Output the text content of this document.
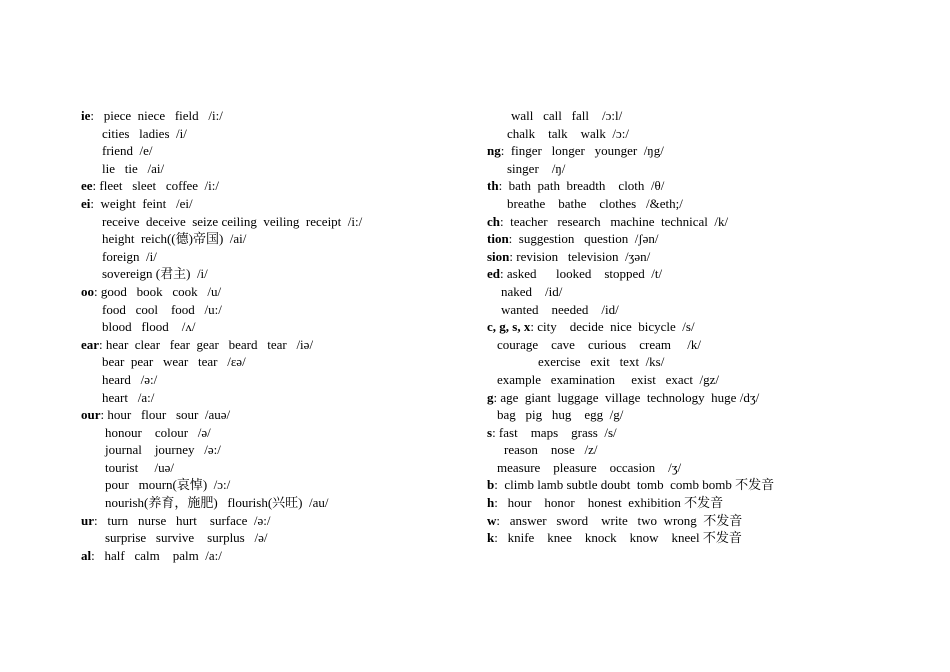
ie:   piece  niece   field   /i:/
cities   ladies  /i/
friend  /e/
lie   tie   /ai/
ee: fleet   sleet   coffee  /i:/
ei:  weight  feint   /ei/
receive  deceive  seize ceiling  veiling  receipt  /i:/
height  reich((德)帝国)  /ai/
foreign  /i/
sovereign (君主)  /i/
oo: good   book   cook   /u/
food   cool    food   /u:/
blood   flood    /ʌ/
ear: hear  clear   fear  gear   beard   tear   /iə/
bear  pear   wear   tear   /ɛə/
heard   /ə:/
heart   /a:/
our: hour   flour   sour  /auə/
honour    colour   /ə/
journal    journey   /ə:/
tourist     /uə/
pour   mourn(哀悼)  /ɔ:/
nourish(养育，施肥)   flourish(兴旺)  /au/
ur:   turn   nurse   hurt    surface  /ə:/
surprise   survive    surplus   /ə/
al:   half   calm    palm  /a:/
wall   call   fall    /ɔ:l/
chalk    talk    walk  /ɔ:/
ng:  finger   longer   younger  /ŋg/
singer    /ŋ/
th:  bath  path  breadth    cloth  /θ/
breathe    bathe    clothes   /&eth;/
ch:  teacher   research   machine  technical  /k/
tion:  suggestion   question  /ʃən/
sion: revision   television  /ʒən/
ed: asked      looked    stopped  /t/
naked    /id/
wanted    needed    /id/
c, g, s, x: city    decide  nice  bicycle  /s/
courage    cave    curious    cream     /k/
exercise   exit   text  /ks/
example   examination     exist   exact  /gz/
g: age  giant  luggage  village  technology  huge /dʒ/
bag   pig   hug    egg  /g/
s: fast    maps    grass  /s/
reason    nose   /z/
measure    pleasure    occasion    /ʒ/
b:  climb lamb subtle doubt  tomb  comb bomb 不发音
h:   hour    honor    honest  exhibition 不发音
w:   answer   sword    write   two  wrong  不发音
k:   knife    knee    knock    know    kneel 不发音
